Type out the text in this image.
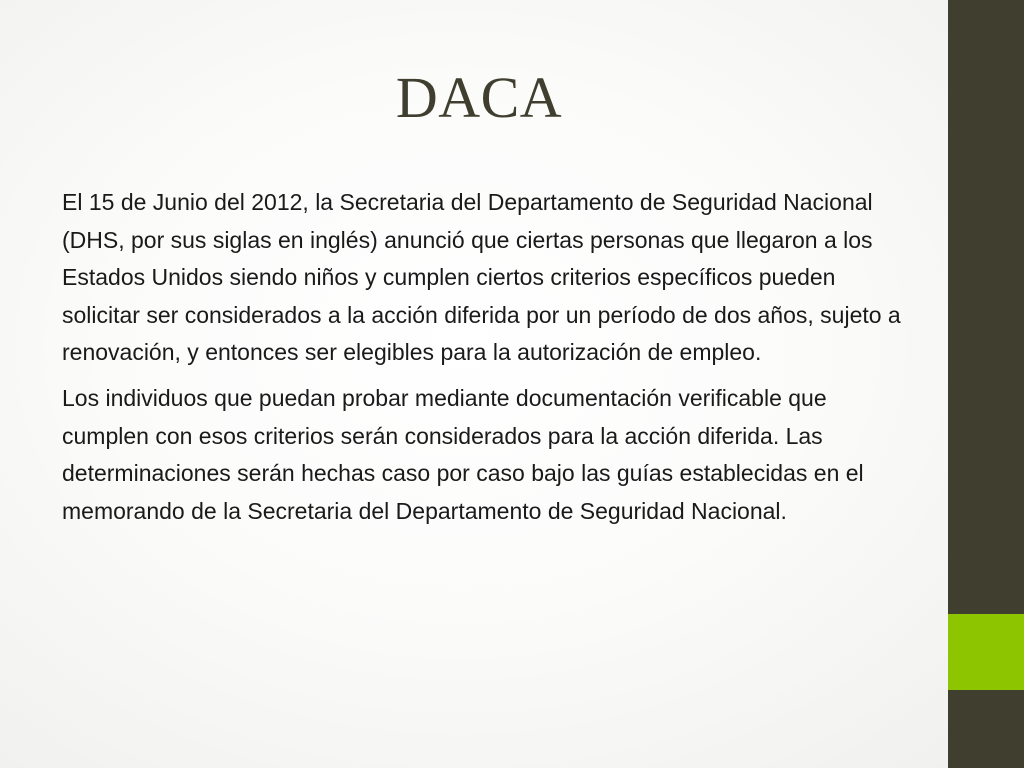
DACA

El 15 de Junio del 2012, la Secretaria del Departamento de Seguridad Nacional (DHS, por sus siglas en inglés) anunció que ciertas personas que llegaron a los Estados Unidos siendo niños y cumplen ciertos criterios específicos pueden solicitar ser considerados a la acción diferida por un período de dos años, sujeto a renovación, y entonces ser elegibles para la autorización de empleo.

Los individuos que puedan probar mediante documentación verificable que cumplen con esos criterios serán considerados para la acción diferida. Las determinaciones serán hechas caso por caso bajo las guías establecidas en el memorando de la Secretaria del Departamento de Seguridad Nacional.
